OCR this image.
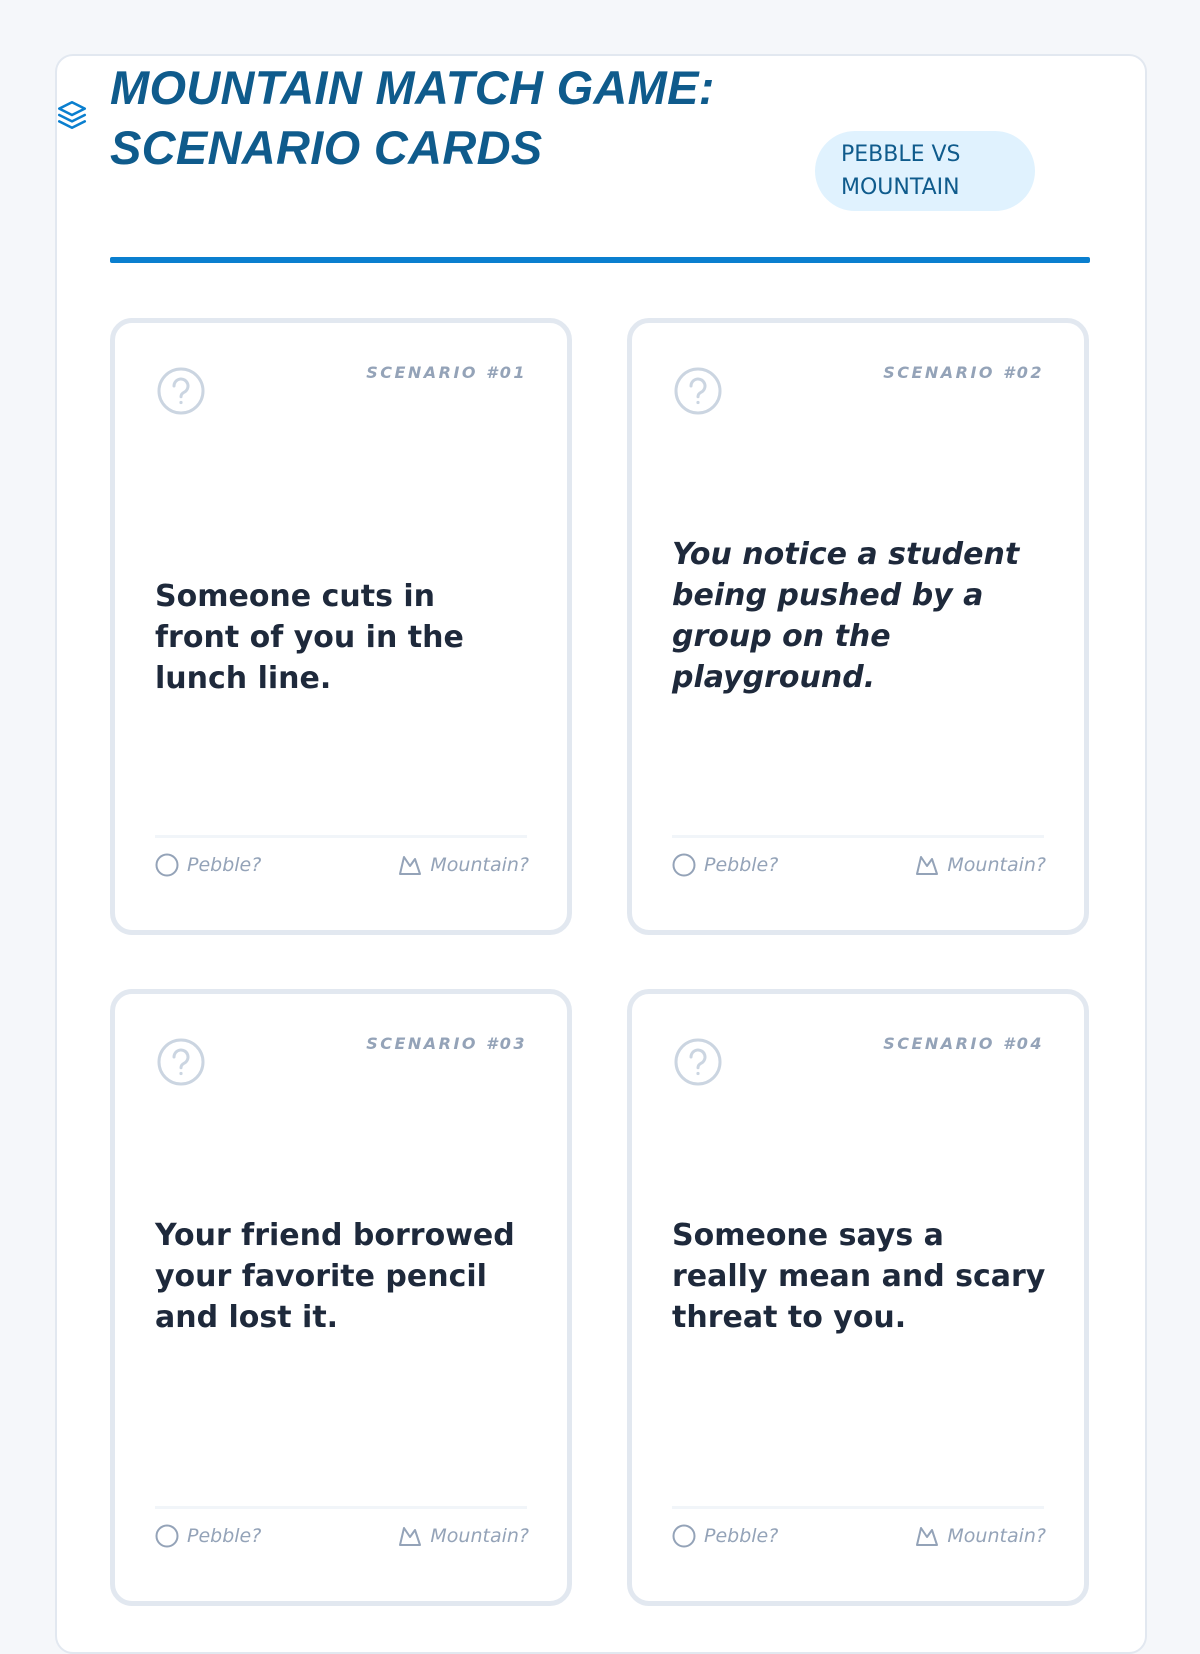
MOUNTAIN MATCH GAME:
SCENARIO CARDS	PEBBLE VS
MOUNTAIN
SCENARIO #01

Someone cuts in front of you in the lunch line.

Pebble?	Mountain?
SCENARIO #02

You notice a student being pushed by a group on the playground.

Pebble?	Mountain?
SCENARIO #03

Your friend borrowed your favorite pencil and lost it.

Pebble?	Mountain?
SCENARIO #04

Someone says a really mean and scary threat to you.

Pebble?	Mountain?
